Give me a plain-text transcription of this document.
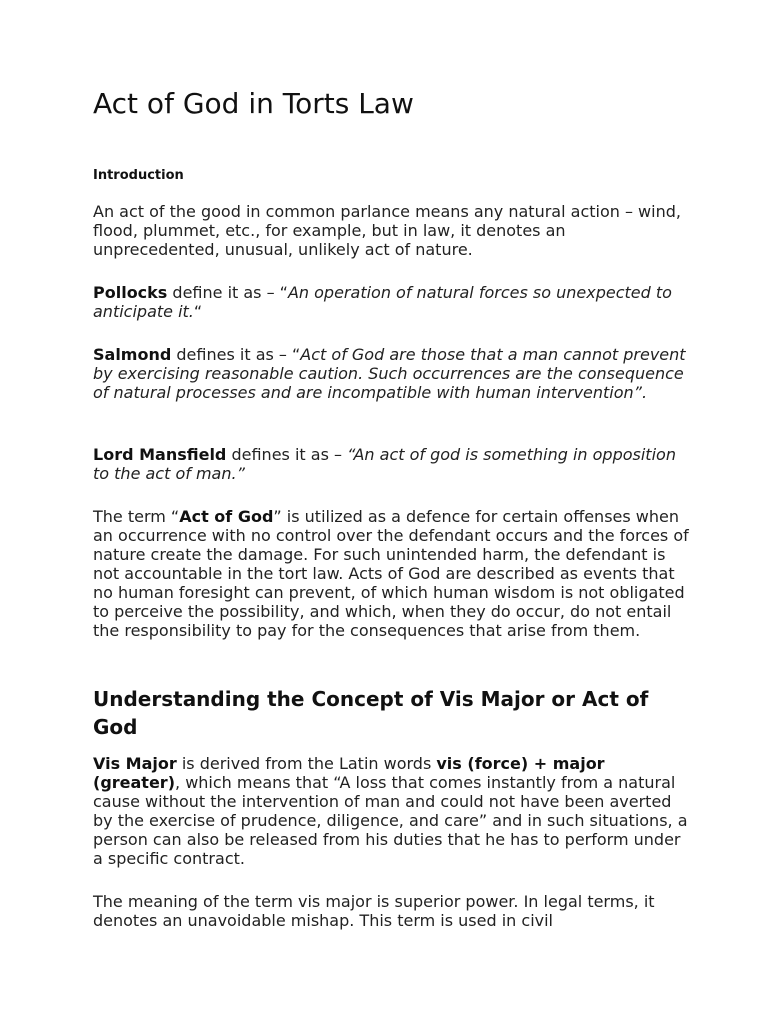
Act of God in Torts Law
Introduction

An act of the good in common parlance means any natural action – wind, flood, plummet, etc., for example, but in law, it denotes an unprecedented, unusual, unlikely act of nature.

Pollocks define it as – “An operation of natural forces so unexpected to anticipate it.“

Salmond defines it as – “Act of God are those that a man cannot prevent by exercising reasonable caution. Such occurrences are the consequence of natural processes and are incompatible with human intervention”.

Lord Mansfield defines it as – “An act of god is something in opposition to the act of man.”

The term “Act of God” is utilized as a defence for certain offenses when an occurrence with no control over the defendant occurs and the forces of nature create the damage. For such unintended harm, the defendant is not accountable in the tort law. Acts of God are described as events that no human foresight can prevent, of which human wisdom is not obligated to perceive the possibility, and which, when they do occur, do not entail the responsibility to pay for the consequences that arise from them.

Understanding the Concept of Vis Major or Act of God

Vis Major is derived from the Latin words vis (force) + major (greater), which means that “A loss that comes instantly from a natural cause without the intervention of man and could not have been averted by the exercise of prudence, diligence, and care” and in such situations, a person can also be released from his duties that he has to perform under a specific contract.

The meaning of the term vis major is superior power. In legal terms, it denotes an unavoidable mishap. This term is used in civil
